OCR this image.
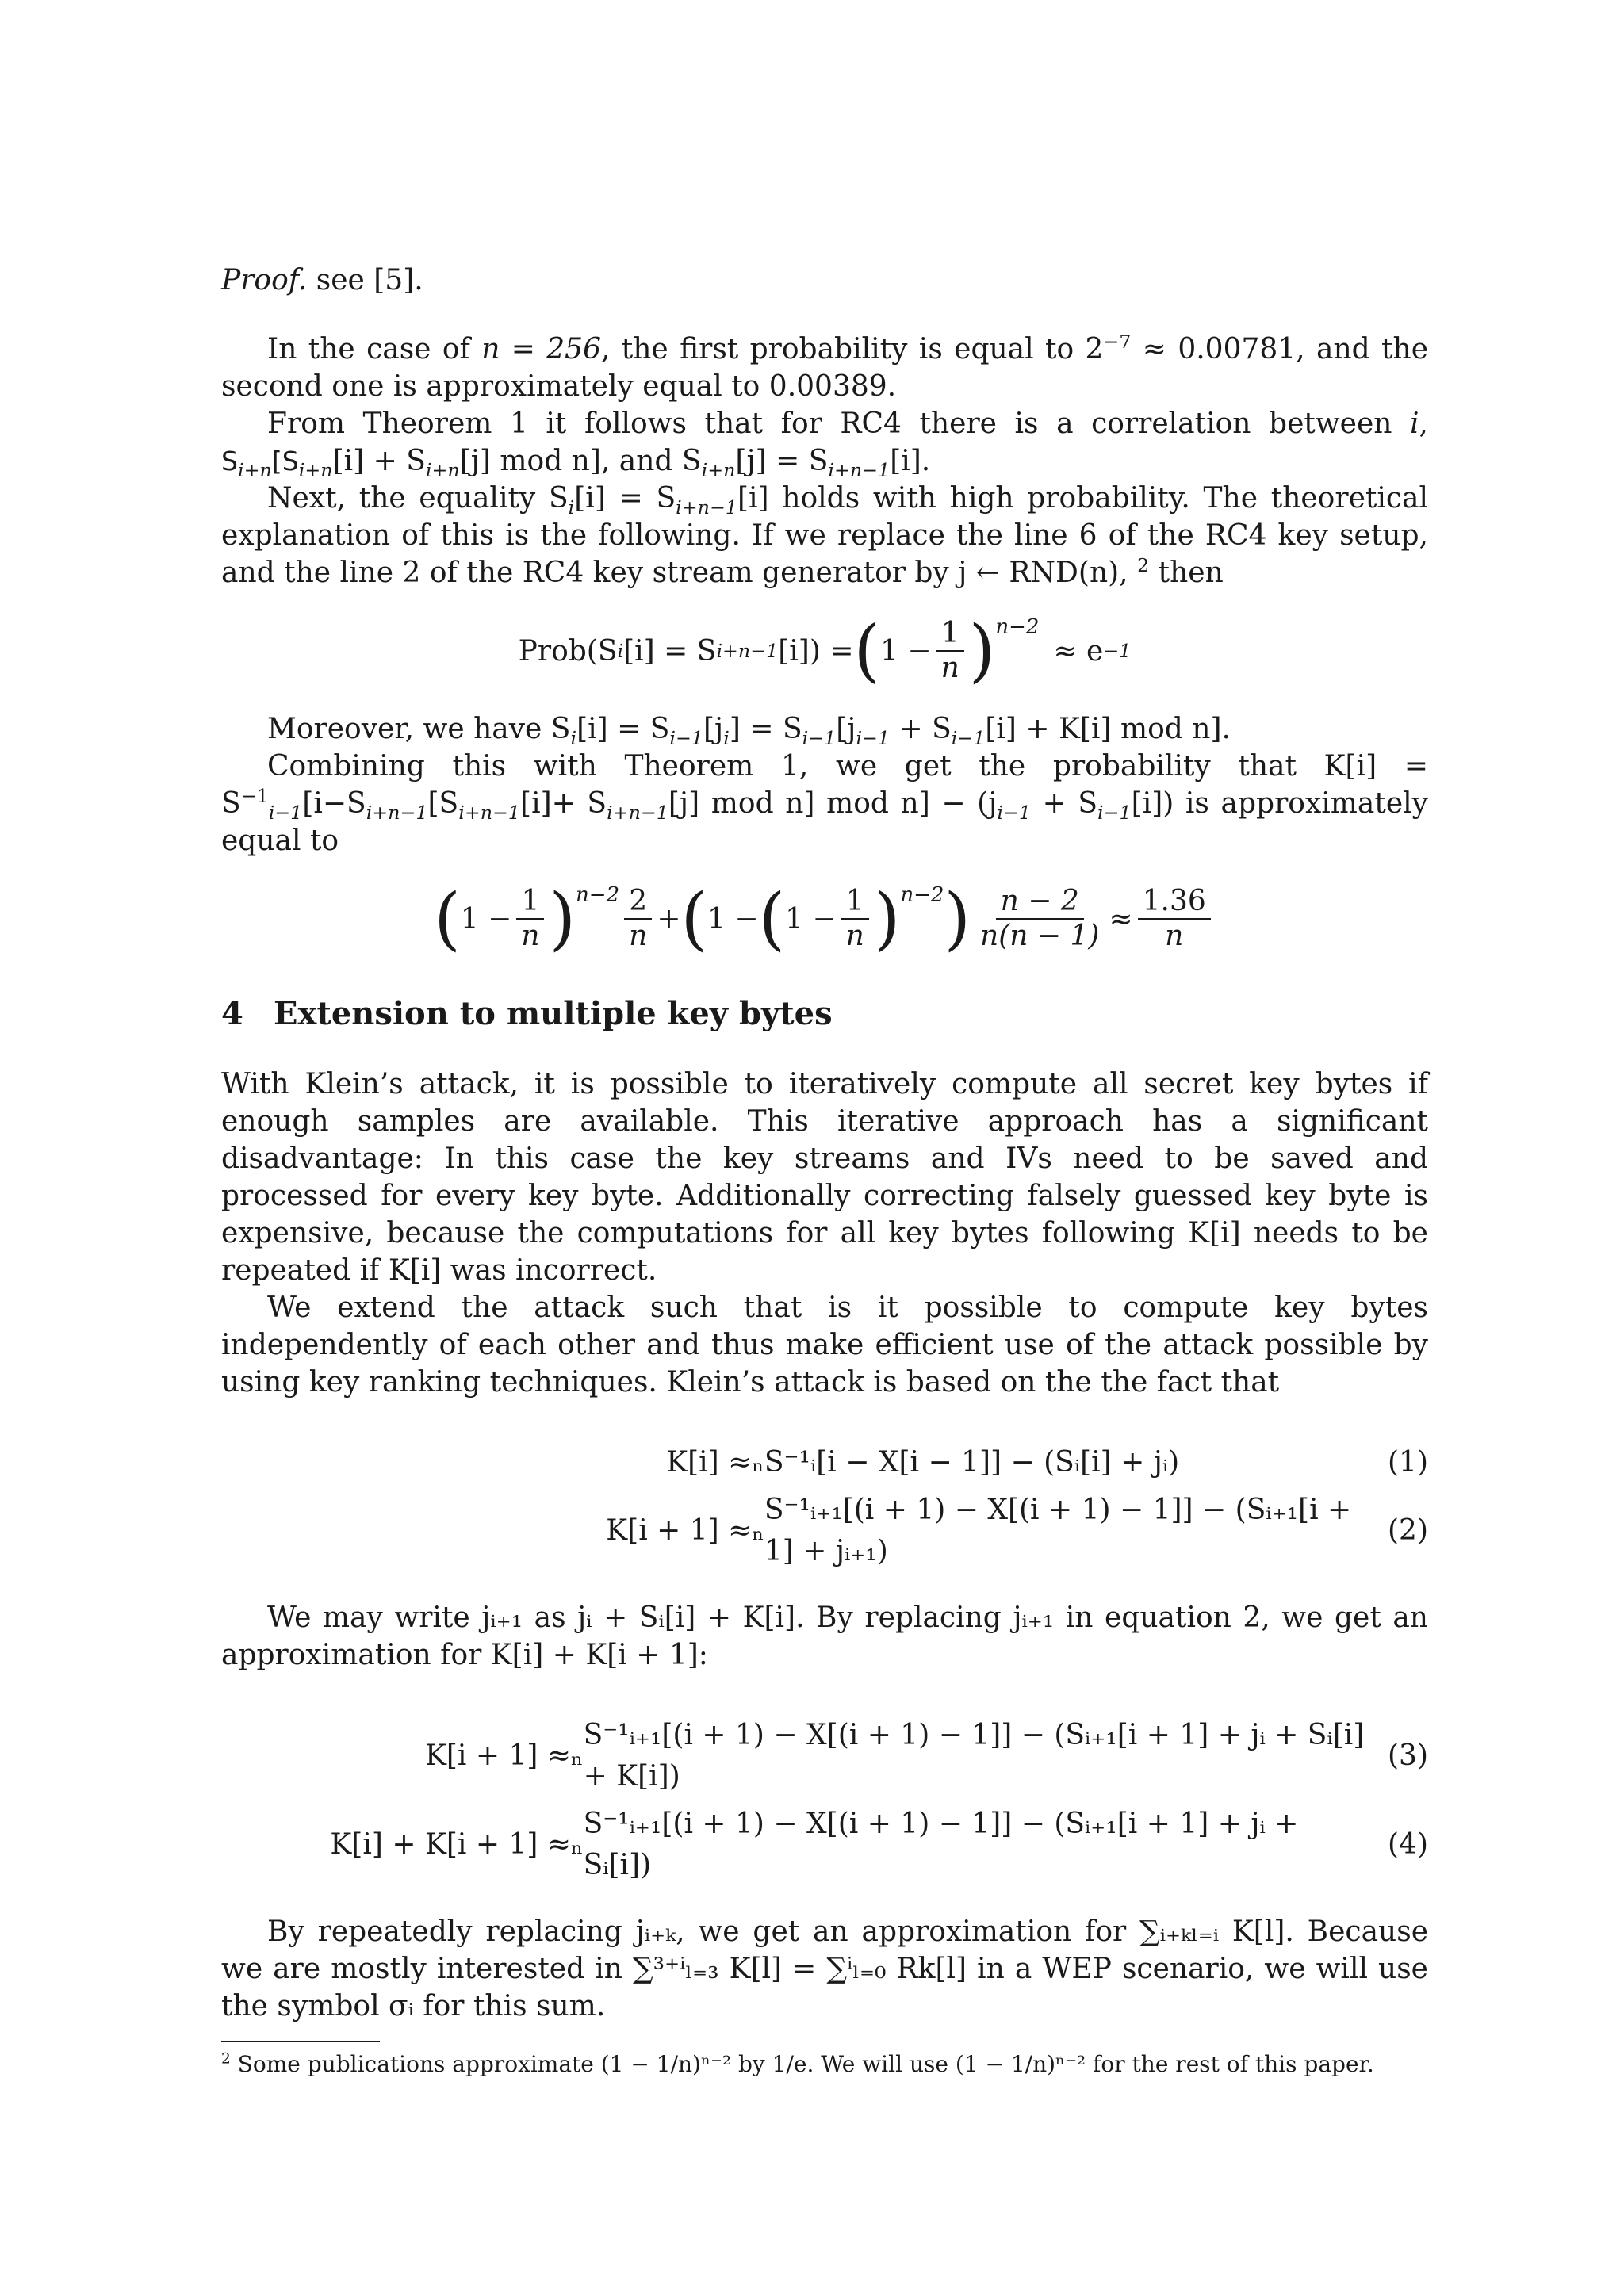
Proof. see [5].

In the case of n = 256, the first probability is equal to $2^{-7} \approx 0.00781$, and the second one is approximately equal to 0.00389.

From Theorem 1 it follows that for RC4 there is a correlation between i, $S_{i+n}[S_{i+n}[i] + S_{i+n}[j]$ mod n], and $S_{i+n}[j] = S_{i+n-1}[i]$.

Next, the equality $S_i[i] = S_{i+n-1}[i]$ holds with high probability. The theoretical explanation of this is the following. If we replace the line 6 of the RC4 key setup, and the line 2 of the RC4 key stream generator by j ← RND(n), $^2$ then

Prob(S i [i] = S i+n−1 [i]) = ( $1 - \frac{1}{n}$ ) n−2
≈ e −1

Moreover, we have $S_i[i] = S_{i-1}[j_i] = S_{i-1}[j_{i-1} + S_{i-1}[i] + K[i]$ mod n].

Combining this with Theorem 1, we get the probability that $K[i] = S^{-1}_{i-1}[i-S_{i+n-1}[S_{i+n-1}[i]+ S_{i+n-1}[j]$ mod n] mod $n] - (j_{i-1} + S_{i-1}[i])$ is approximately equal to

( $1 - \frac{1}{n}$ ) $n-2 \frac{2}{n}$ + ( 1 − ( $1 - \frac{1}{n}$ ) n−2 ) $\frac{n - 2}{n(n - 1)} \approx \frac{1.36}{n}$
4 Extension to multiple key bytes

With Klein’s attack, it is possible to iteratively compute all secret key bytes if enough samples are available. This iterative approach has a significant disadvantage: In this case the key streams and IVs need to be saved and processed for every key byte. Additionally correcting falsely guessed key byte is expensive, because the computations for all key bytes following K[i] needs to be repeated if K[i] was incorrect.

We extend the attack such that is it possible to compute key bytes independently of each other and thus make efficient use of the attack possible by using key ranking techniques. Klein’s attack is based on the the fact that

K[i] ≈ₙ	S⁻¹ᵢ[i − X[i − 1]] − (Sᵢ[i] + jᵢ)	(1)
K[i + 1] ≈ₙ	S⁻¹ᵢ₊₁[(i + 1) − X[(i + 1) − 1]] − (Sᵢ₊₁[i + 1] + jᵢ₊₁)	(2)

We may write jᵢ₊₁ as jᵢ + Sᵢ[i] + K[i]. By replacing jᵢ₊₁ in equation 2, we get an approximation for K[i] + K[i + 1]:

K[i + 1] ≈ₙ	S⁻¹ᵢ₊₁[(i + 1) − X[(i + 1) − 1]] − (Sᵢ₊₁[i + 1] + jᵢ + Sᵢ[i] + K[i])	(3)
K[i] + K[i + 1] ≈ₙ	S⁻¹ᵢ₊₁[(i + 1) − X[(i + 1) − 1]] − (Sᵢ₊₁[i + 1] + jᵢ + Sᵢ[i])	(4)

By repeatedly replacing jᵢ₊ₖ, we get an approximation for ∑ᵢ₊ₖₗ₌ᵢ K[l]. Because we are mostly interested in ∑³⁺ⁱₗ₌₃ K[l] = ∑ⁱₗ₌₀ Rk[l] in a WEP scenario, we will use the symbol σᵢ for this sum.

$^2$ Some publications approximate (1 − 1/n)ⁿ⁻² by 1/e. We will use (1 − 1/n)ⁿ⁻² for the rest of this paper.
